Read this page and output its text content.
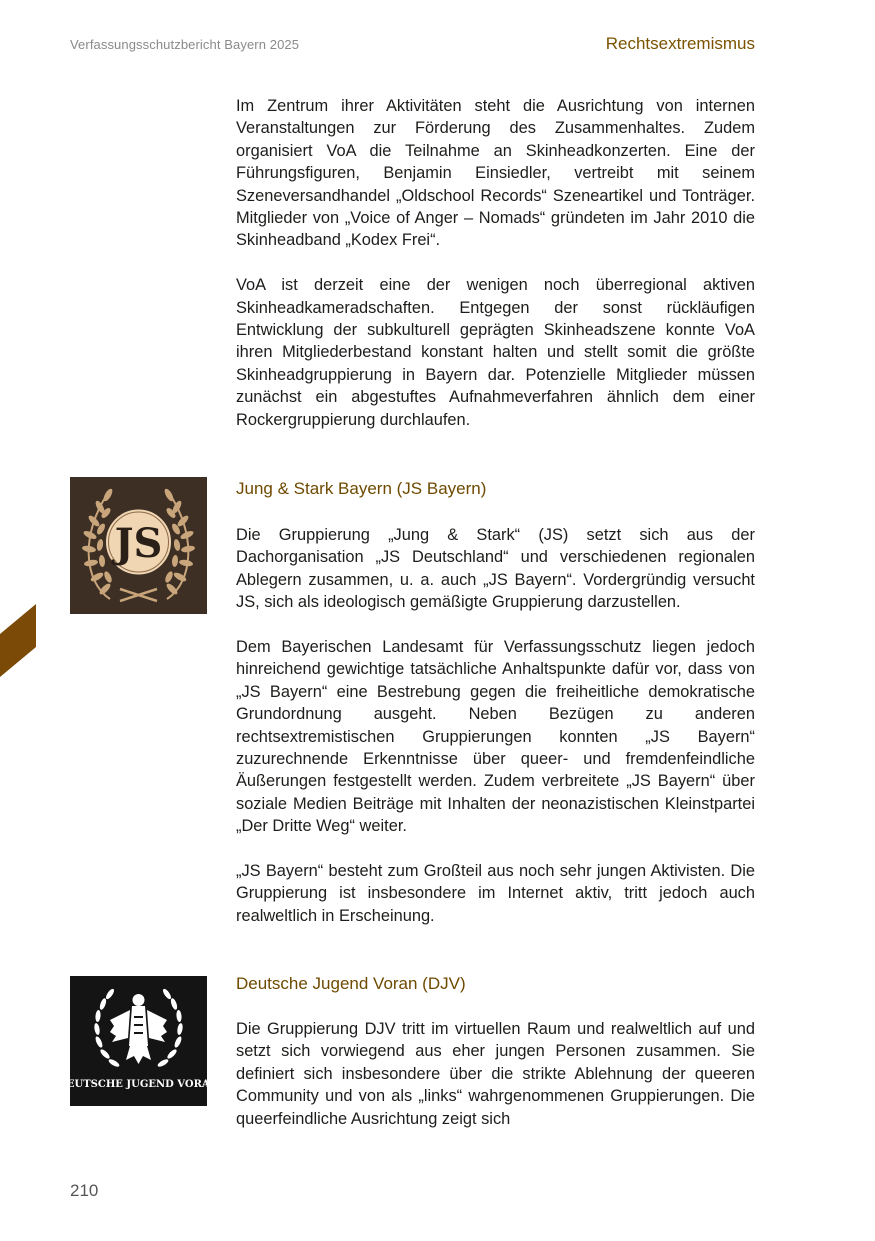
Verfassungsschutzbericht Bayern 2025	Rechtsextremismus

Im Zentrum ihrer Aktivitäten steht die Ausrichtung von internen Veranstaltungen zur Förderung des Zusammenhaltes. Zudem organisiert VoA die Teilnahme an Skinheadkonzerten. Eine der Führungsfiguren, Benjamin Einsiedler, vertreibt mit seinem Szeneversandhandel „Oldschool Records“ Szeneartikel und Tonträger. Mitglieder von „Voice of Anger – Nomads“ gründeten im Jahr 2010 die Skinheadband „Kodex Frei“.

VoA ist derzeit eine der wenigen noch überregional aktiven Skinheadkameradschaften. Entgegen der sonst rückläufigen Entwicklung der subkulturell geprägten Skinheadszene konnte VoA ihren Mitgliederbestand konstant halten und stellt somit die größte Skinheadgruppierung in Bayern dar. Potenzielle Mitglieder müssen zunächst ein abgestuftes Aufnahmeverfahren ähnlich dem einer Rockergruppierung durchlaufen.

JS
Jung & Stark Bayern (JS Bayern)

Die Gruppierung „Jung & Stark“ (JS) setzt sich aus der Dachorganisation „JS Deutschland“ und verschiedenen regionalen Ablegern zusammen, u. a. auch „JS Bayern“. Vordergründig versucht JS, sich als ideologisch gemäßigte Gruppierung darzustellen.

Dem Bayerischen Landesamt für Verfassungsschutz liegen jedoch hinreichend gewichtige tatsächliche Anhaltspunkte dafür vor, dass von „JS Bayern“ eine Bestrebung gegen die freiheitliche demokratische Grundordnung ausgeht. Neben Bezügen zu anderen rechtsextremistischen Gruppierungen konnten „JS Bayern“ zuzurechnende Erkenntnisse über queer- und fremdenfeindliche Äußerungen festgestellt werden. Zudem verbreitete „JS Bayern“ über soziale Medien Beiträge mit Inhalten der neonazistischen Kleinstpartei „Der Dritte Weg“ weiter.

„JS Bayern“ besteht zum Großteil aus noch sehr jungen Aktivisten. Die Gruppierung ist insbesondere im Internet aktiv, tritt jedoch auch realweltlich in Erscheinung.

DEUTSCHE JUGEND VORAN
Deutsche Jugend Voran (DJV)

Die Gruppierung DJV tritt im virtuellen Raum und realweltlich auf und setzt sich vorwiegend aus eher jungen Personen zusammen. Sie definiert sich insbesondere über die strikte Ablehnung der queeren Community und von als „links“ wahrgenommenen Gruppierungen. Die queerfeindliche Ausrichtung zeigt sich

210
